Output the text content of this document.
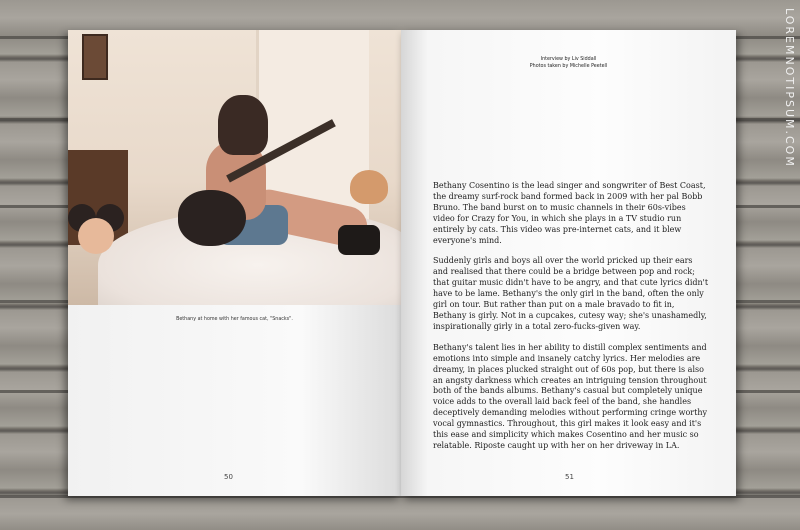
LOREMNOTIPSUM.COM
Bethany at home with her famous cat, "Snacks".
50
Interview by Liv Siddall
Photos taken by Michelle Peetell

Bethany Cosentino is the lead singer and songwriter of Best Coast, the dreamy surf-rock band formed back in 2009 with her pal Bobb Bruno. The band burst on to music channels in their 60s-vibes video for Crazy for You, in which she plays in a TV studio run entirely by cats. This video was pre-internet cats, and it blew everyone's mind.

Suddenly girls and boys all over the world pricked up their ears and realised that there could be a bridge between pop and rock; that guitar music didn't have to be angry, and that cute lyrics didn't have to be lame. Bethany's the only girl in the band, often the only girl on tour. But rather than put on a male bravado to fit in, Bethany is girly. Not in a cupcakes, cutesy way; she's unashamedly, inspirationally girly in a total zero-fucks-given way.

Bethany's talent lies in her ability to distill complex sentiments and emotions into simple and insanely catchy lyrics. Her melodies are dreamy, in places plucked straight out of 60s pop, but there is also an angsty darkness which creates an intriguing tension throughout both of the bands albums. Bethany's casual but completely unique voice adds to the overall laid back feel of the band, she handles deceptively demanding melodies without performing cringe worthy vocal gymnastics. Throughout, this girl makes it look easy and it's this ease and simplicity which makes Cosentino and her music so relatable. Riposte caught up with her on her driveway in LA.

51
